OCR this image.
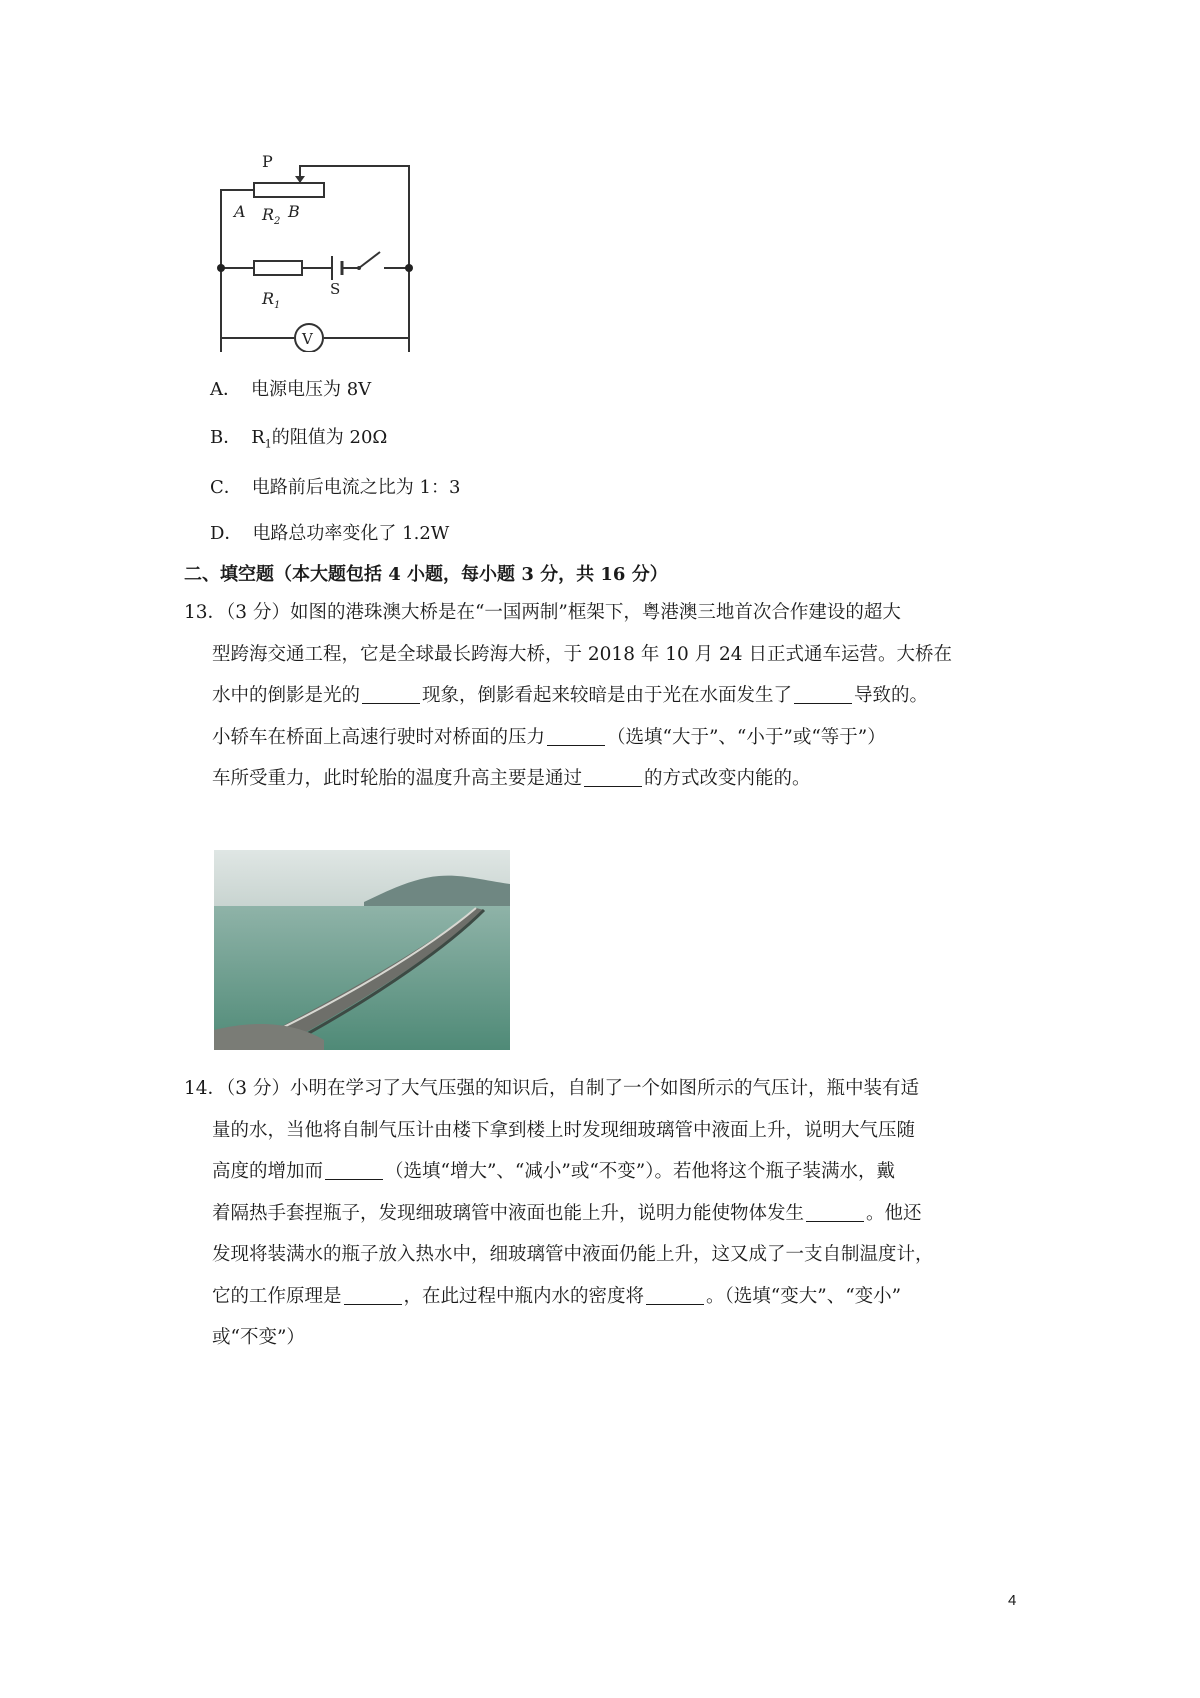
P
A $R_2$
B
$R_1$
S
V
A． 电源电压为 8V
B． $R_1$的阻值为 20Ω
C． 电路前后电流之比为 1：3
D． 电路总功率变化了 1.2W
二、填空题（本大题包括 4 小题，每小题 3 分，共 16 分）
13．（3 分）如图的港珠澳大桥是在“一国两制”框架下，粤港澳三地首次合作建设的超大
型跨海交通工程，它是全球最长跨海大桥，于 2018 年 10 月 24 日正式通车运营。大桥在
水中的倒影是光的	现象，倒影看起来较暗是由于光在水面发生了	导致的。
小轿车在桥面上高速行驶时对桥面的压力	（选填“大于”、“小于”或“等于”）
车所受重力，此时轮胎的温度升高主要是通过	的方式改变内能的。
14．（3 分）小明在学习了大气压强的知识后，自制了一个如图所示的气压计，瓶中装有适
量的水，当他将自制气压计由楼下拿到楼上时发现细玻璃管中液面上升，说明大气压随
高度的增加而	（选填“增大”、“减小”或“不变”）。若他将这个瓶子装满水，戴
着隔热手套捏瓶子，发现细玻璃管中液面也能上升，说明力能使物体发生	。他还
发现将装满水的瓶子放入热水中，细玻璃管中液面仍能上升，这又成了一支自制温度计，
它的工作原理是	，在此过程中瓶内水的密度将	。（选填“变大”、“变小”
或“不变”）
4
